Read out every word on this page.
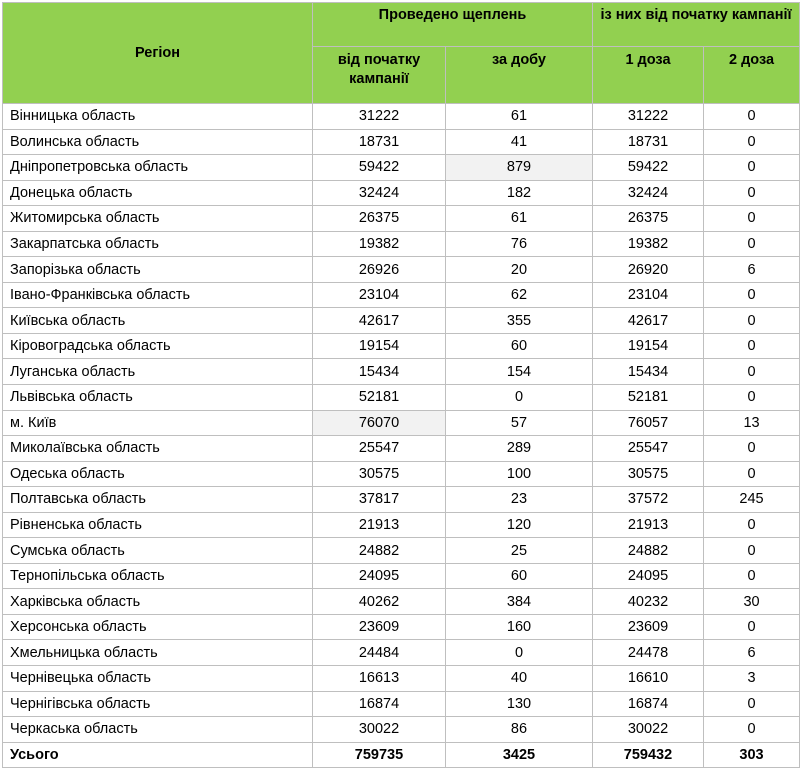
Регіон	Проведено щеплень		із них від початку кампанії	
	від початку кампанії	за добу	1 доза	2 доза
Вінницька область	31222	61	31222	0
Волинська область	18731	41	18731	0
Дніпропетровська область	59422	879	59422	0
Донецька область	32424	182	32424	0
Житомирська область	26375	61	26375	0
Закарпатська область	19382	76	19382	0
Запорізька область	26926	20	26920	6
Івано-Франківська область	23104	62	23104	0
Київська область	42617	355	42617	0
Кіровоградська область	19154	60	19154	0
Луганська область	15434	154	15434	0
Львівська область	52181	0	52181	0
м. Київ	76070	57	76057	13
Миколаївська область	25547	289	25547	0
Одеська область	30575	100	30575	0
Полтавська область	37817	23	37572	245
Рівненська область	21913	120	21913	0
Сумська область	24882	25	24882	0
Тернопільська область	24095	60	24095	0
Харківська область	40262	384	40232	30
Херсонська область	23609	160	23609	0
Хмельницька область	24484	0	24478	6
Чернівецька область	16613	40	16610	3
Чернігівська область	16874	130	16874	0
Черкаська область	30022	86	30022	0
Усього	759735	3425	759432	303
